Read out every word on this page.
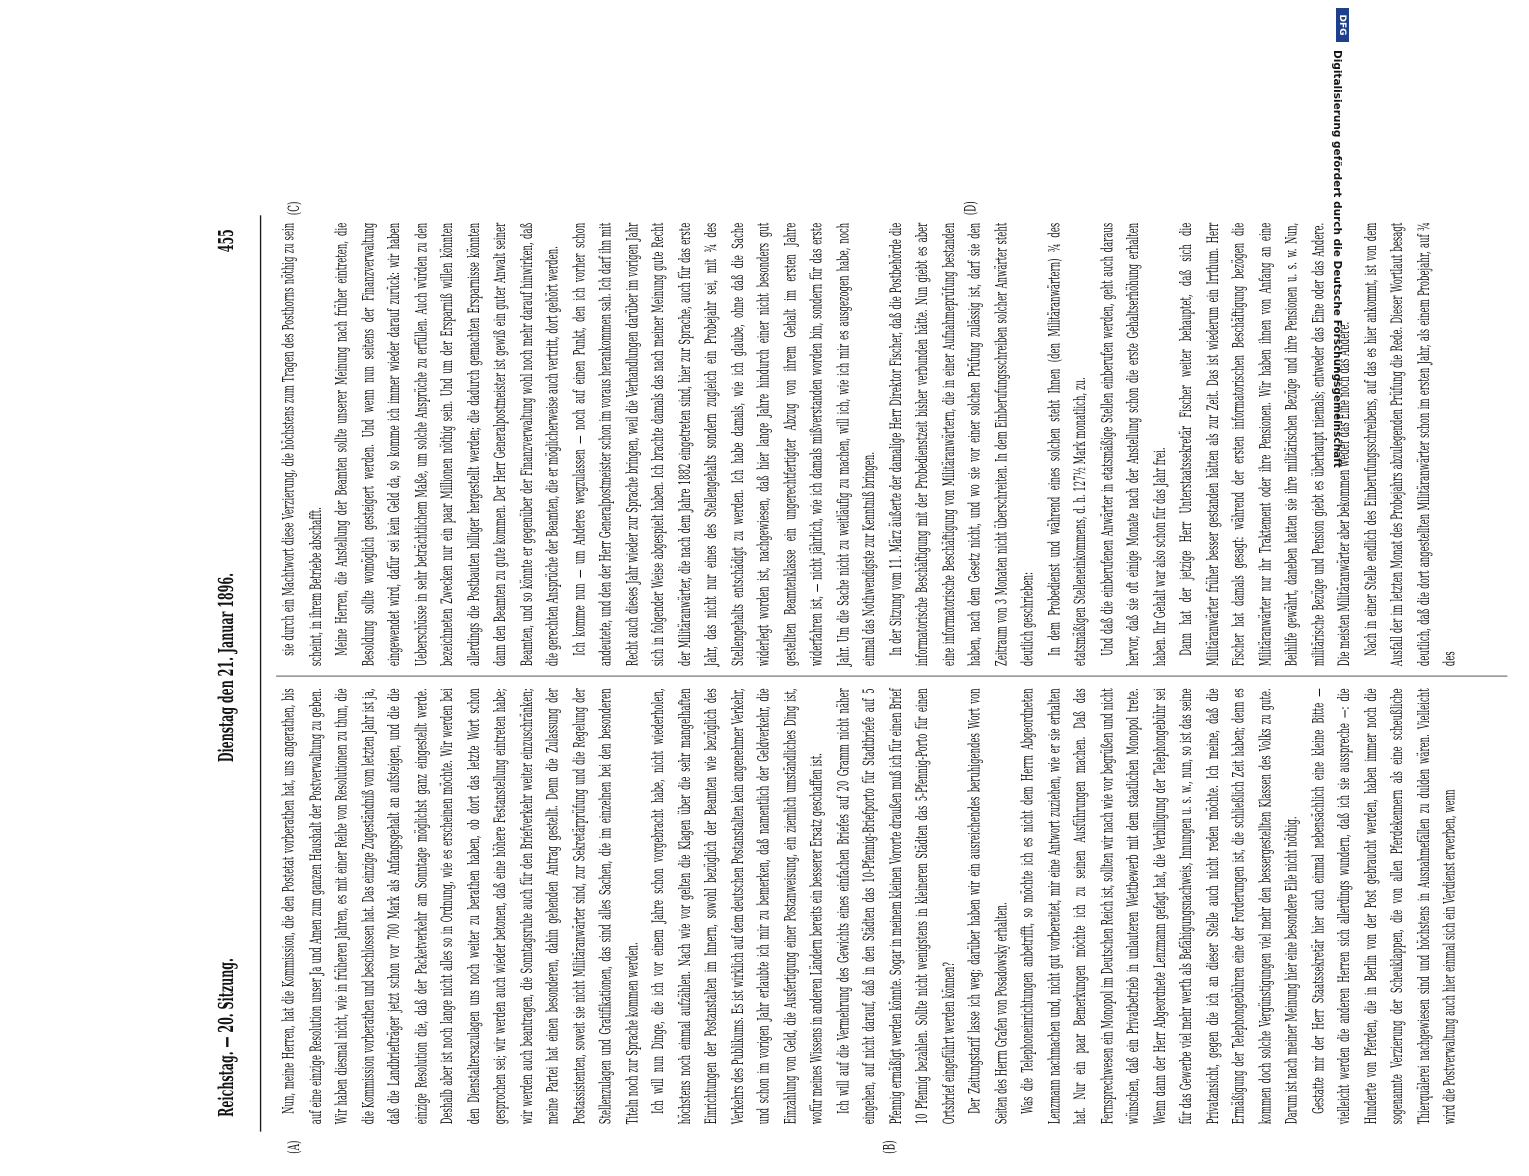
Reichstag. — 20. Sitzung.
Dienstag den 21. Januar 1896.
455
(A)	(B)
(C)	(D)

Nun, meine Herren, hat die Kommission, die den Postetat vorberathen hat, uns angerathen, bis auf eine einzige Resolution unser Ja und Amen zum ganzen Haushalt der Postverwaltung zu geben. Wir haben diesmal nicht, wie in früheren Jahren, es mit einer Reihe von Resolutionen zu thun, die die Kommission vorberathen und beschlossen hat. Das einzige Zugeständniß vom letzten Jahr ist ja, daß die Landbriefträger jetzt schon vor 700 Mark als Anfangsgehalt an aufsteigen, und die die einzige Resolution die, daß der Packetverkehr am Sonntage möglichst ganz eingestellt werde. Deshalb aber ist noch lange nicht alles so in Ordnung, wie es erscheinen möchte. Wir werden bei den Dienstaltersazulagen uns noch weiter zu berathen haben, ob dort das letzte Wort schon gesprochen sei; wir werden auch wieder betonen, daß eine höhere Festanstellung eintreten habe; wir werden auch beantragen, die Sonntagsruhe auch für den Briefverkehr weiter einzuschränken; meine Partei hat einen besonderen, dahin gehenden Antrag gestellt. Denn die Zulassung der Postassistenten, soweit sie nicht Militäranwärter sind, zur Sekretärprüfung und die Regelung der Stellenzulagen und Gratifikationen, das sind alles Sachen, die im einzelnen bei den besonderen Titeln noch zur Sprache kommen werden. Ich will nun Dinge, die ich vor einem Jahre schon vorgebracht habe, nicht wiederholen, höchstens noch einmal aufzählen. Nach wie vor gelten die Klagen über die sehr mangelhaften Einrichtungen der Postanstalten im Innern, sowohl bezüglich der Beamten wie bezüglich des Verkehrs des Publikums. Es ist wirklich auf dem deutschen Postanstalten kein angenehmer Verkehr, und schon im vorigen Jahr erlaubte ich mir zu bemerken, daß namentlich der Geldverkehr, die Einzahlung von Geld, die Ausfertigung einer Postanweisung, ein ziemlich umständliches Ding ist, wofür meines Wissens in anderen Ländern bereits ein besserer Ersatz geschaffen ist. Ich will auf die Vermehrung des Gewichts eines einfachen Briefes auf 20 Gramm nicht näher eingehen, auf nicht darauf, daß in den Städten das 10-Pfennig-Briefporto für Stadtbriefe auf 5 Pfennig ermäßigt werden könnte. Sogar in meinem kleinen Vororte draußen muß ich für einen Brief 10 Pfennig bezahlen. Sollte nicht wenigstens in kleineren Städten das 5-Pfennig-Porto für einen Ortsbrief eingeführt werden können? Der Zeitungstarif lasse ich weg; darüber haben wir ein ausreichendes beruhigendes Wort von Seiten des Herrn Grafen von Posadowsky erhalten. Was die Telephoneinrichtungen anbetrifft, so möchte ich es nicht dem Herrn Abgeordneten Lenzmann nachmachen und, nicht gut vorbereitet, mir eine Antwort zuziehen, wie er sie erhalten hat. Nur ein paar Bemerkungen möchte ich zu seinen Ausführungen machen. Daß das Fernsprechwesen ein Monopol im Deutschen Reich ist, sollten wir nach wie vor begrüßen und nicht wünschen, daß ein Privatbetrieb in unlauteren Wettbewerb mit dem staatlichen Monopol trete. Wenn dann der Herr Abgeordnete Lenzmann gefagt hat, die Verbilligung der Telephongebühr sei für das Gewerbe viel mehr werth als Befähigungsnachweis, Innungen u. s. w., nun, so ist das seine Privatansicht, gegen die ich an dieser Stelle auch nicht reden möchte. Ich meine, daß die Ermäßigung der Telephongebühren eine der Forderungen ist, die schließlich Zeit haben; denn es kommen doch solche Vergünstigungen viel mehr den bessergestellten Klassen des Volks zu gute. Darum ist nach meiner Meinung hier eine besondere Eile nicht nöthig. Gestatte mir der Herr Staatssekretär hier auch einmal nebensächlich eine kleine Bitte — vielleicht werden die anderen Herren sich allerdings wundern, daß ich sie ausspreche —: die Hunderte von Pferden, die in Berlin von der Post gebraucht werden, haben immer noch die sogenannte Verzierung der Scheuklappen, die von allen Pferdekennern als eine scheußliche Thierquälerei nachgewiesen sind und höchstens in Ausnahmefällen zu dulden wären. Vielleicht wird die Postverwaltung auch hier einmal sich ein Verdienst erwerben, wenn

sie durch ein Machtwort diese Verzierung, die höchstens zum Tragen des Posthorns nöthig zu sein scheint, in ihrem Betriebe abschafft. Meine Herren, die Anstellung der Beamten sollte unserer Meinung nach früher eintreten, die Besoldung sollte womöglich gesteigert werden. Und wenn nun seitens der Finanzverwaltung eingewendet wird, dafür sei kein Geld da, so komme ich immer wieder darauf zurück: wir haben Ueberschüsse in sehr beträchtlichem Maße, um solche Ansprüche zu erfüllen. Auch würden zu den bezeichneten Zwecken nur ein paar Millionen nöthig sein. Und um der Ersparniß willen könnten allerdings die Postbauten billiger hergestellt werden; die dadurch gemachten Ersparnisse könnten dann den Beamten zu gute kommen. Der Herr Generalpostmeister ist gewiß ein guter Anwalt seiner Beamten, und so könnte er gegenüber der Finanzverwaltung wohl noch mehr darauf hinwirken, daß die gerechten Ansprüche der Beamten, die er möglicherweise auch vertritt, dort gehört werden. Ich komme nun — um Anderes wegzulassen — noch auf einen Punkt, den ich vorher schon andeutete, und den der Herr Generalpostmeister schon im voraus herankommen sah. Ich darf ihn mit Recht auch dieses Jahr wieder zur Sprache bringen, weil die Verhandlungen darüber im vorigen Jahr sich in folgender Weise abgespielt haben. Ich brachte damals das nach meiner Meinung gute Recht der Militäranwärter, die nach dem Jahre 1882 eingetreten sind, hier zur Sprache, auch für das erste Jahr, das nicht nur eines des Stellengehalts sondern zugleich ein Probejahr sei, mit ¾ des Stellengehalts entschädigt zu werden. Ich habe damals, wie ich glaube, ohne daß die Sache widerlegt worden ist, nachgewiesen, daß hier lange Jahre hindurch einer nicht besonders gut gestellten Beamtenklasse ein ungerechtfertigter Abzug von ihrem Gehalt im ersten Jahre widerfahren ist, — nicht jährlich, wie ich damals mißverstanden worden bin, sondern für das erste Jahr. Um die Sache nicht zu weitläufig zu machen, will ich, wie ich mir es ausgezogen habe, noch einmal das Nothwendigste zur Kenntniß bringen. In der Sitzung vom 11. März äußerte der damalige Herr Direktor Fischer, daß die Postbehörde die informatorische Beschäftigung mit der Probedienstzeit bisher verbunden hätte. Nun giebt es aber eine informatorische Beschäftigung von Militäranwärtern, die in einer Aufnahmeprüfung bestanden haben, nach dem Gesetz nicht, und wo sie vor einer solchen Prüfung zulässig ist, darf sie den Zeitraum von 3 Monaten nicht überschreiten. In dem Einberufungsschreiben solcher Anwärter steht deutlich geschrieben: In dem Probedienst und während eines solchen steht Ihnen (den Militäranwärtern) ¾ des etatsmäßigen Stelleneinkommens, d. h. 127½ Mark monatlich, zu. Und daß die einberufenen Anwärter in etatsmäßige Stellen einberufen werden, geht auch daraus hervor, daß sie oft einige Monate nach der Anstellung schon die erste Gehaltserhöhung erhalten haben. Ihr Gehalt war also schon für das Jahr frei. Dann hat der jetzige Herr Unterstaatssekretär Fischer weiter behauptet, daß sich die Militäranwärter früher besser gestanden hätten als zur Zeit. Das ist wiederum ein Irrthum. Herr Fischer hat damals gesagt: während der ersten informatorischen Beschäftigung bezögen die Militäranwärter nur ihr Traktement oder ihre Pensionen. Wir haben ihnen von Anfang an eine Beihilfe gewährt, daneben hatten sie ihre militärischen Bezüge und ihre Pensionen u. s. w. Nun, militärische Bezüge und Pension giebt es überhaupt niemals; entweder das Eine oder das Andere. Die meisten Militäranwärter aber bekommen weder das Eine noch das Andere. Nach in einer Stelle endlich des Einberufungsschreibens, auf das es hier ankommt, ist von dem Ausfall der im letzten Monat des Probejahrs abzulegenden Prüfung die Rede. Dieser Wortlaut besagt deutlich, daß die dort angestellten Militäranwärter schon im ersten Jahr, als einem Probejahr, auf ¾ des

DFG
Digitalisierung gefördert durch die Deutsche Forschungsgemeinschaft
